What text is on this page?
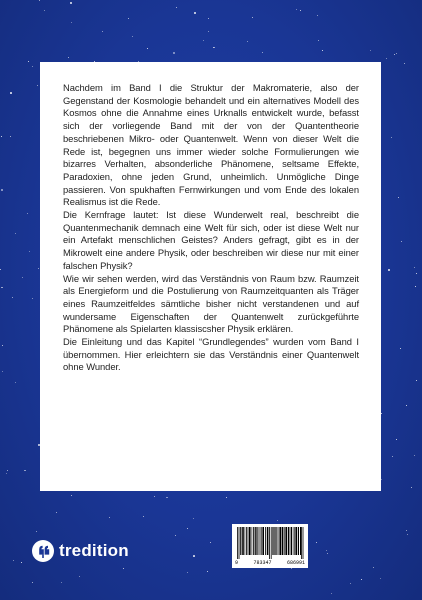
Nachdem im Band I die Struktur der Makromaterie, also der Gegenstand der Kosmologie behandelt und ein alternatives Modell des Kosmos ohne die Annahme eines Urknalls entwickelt wurde, befasst sich der vorliegende Band mit der von der Quantentheorie beschriebenen Mikro- oder Quantenwelt. Wenn von dieser Welt die Rede ist, begegnen uns immer wieder solche Formulierungen wie bizarres Verhalten, absonderliche Phänomene, seltsame Effekte, Paradoxien, ohne jeden Grund, unheimlich. Unmögliche Dinge passieren. Von spukhaften Fernwirkungen und vom Ende des lokalen Realismus ist die Rede.

Die Kernfrage lautet: Ist diese Wunderwelt real, beschreibt die Quantenmechanik demnach eine Welt für sich, oder ist diese Welt nur ein Artefakt menschlichen Geistes? Anders gefragt, gibt es in der Mikrowelt eine andere Physik, oder beschreiben wir diese nur mit einer falschen Physik?

Wie wir sehen werden, wird das Verständnis von Raum bzw. Raumzeit als Energieform und die Postulierung von Raumzeitquanten als Träger eines Raumzeitfeldes sämtliche bisher nicht verstandenen und auf wundersame Eigenschaften der Quantenwelt zurückgeführte Phänomene als Spielarten klassiscsher Physik erklären.

Die Einleitung und das Kapitel “Grundlegendes” wurden vom Band I übernommen. Hier erleichtern sie das Verständnis einer Quantenwelt ohne Wunder.

tredition
9	783347	686991
